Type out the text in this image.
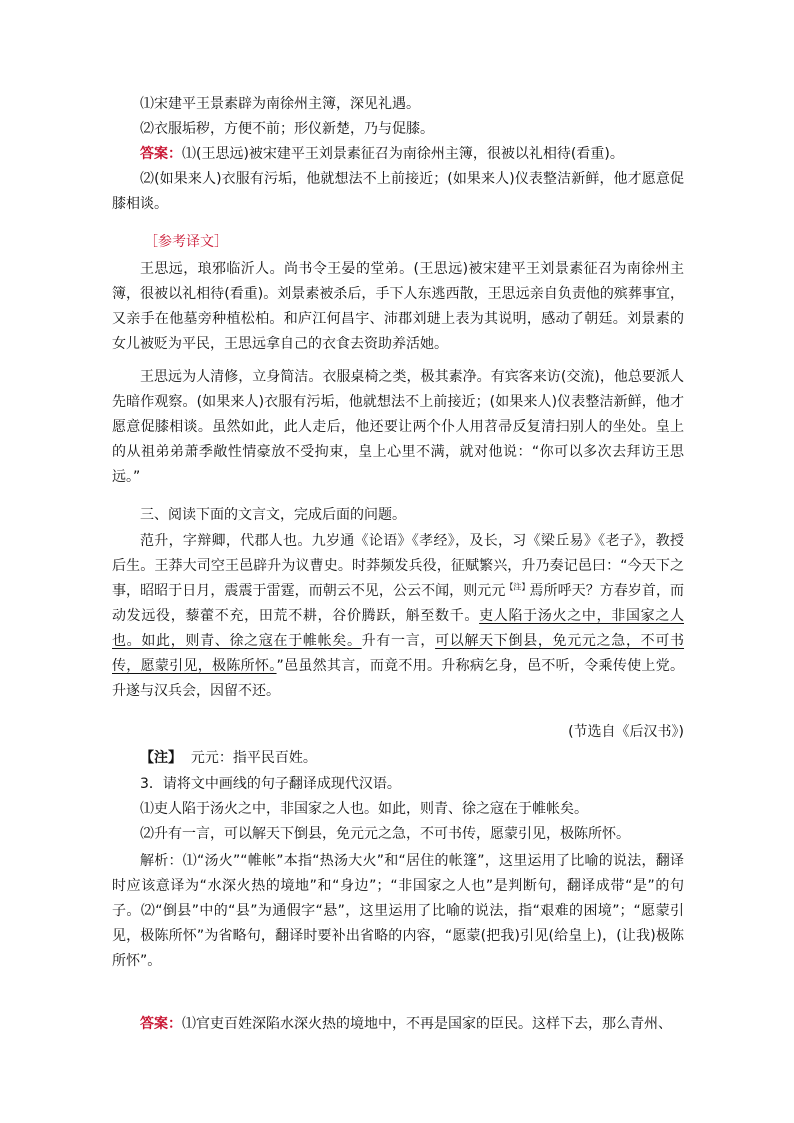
⑴宋建平王景素辟为南徐州主簿，深见礼遇。
⑵衣服垢秽，方便不前；形仪新楚，乃与促膝。
答案：⑴(王思远)被宋建平王刘景素征召为南徐州主簿，很被以礼相待(看重)。
⑵(如果来人)衣服有污垢，他就想法不上前接近；(如果来人)仪表整洁新鲜，他才愿意促膝相谈。
［参考译文］
王思远，琅邪临沂人。尚书令王晏的堂弟。(王思远)被宋建平王刘景素征召为南徐州主簿，很被以礼相待(看重)。刘景素被杀后，手下人东逃西散，王思远亲自负责他的殡葬事宜，又亲手在他墓旁种植松柏。和庐江何昌宇、沛郡刘琎上表为其说明，感动了朝廷。刘景素的女儿被贬为平民，王思远拿自己的衣食去资助养活她。
王思远为人清修，立身简洁。衣服桌椅之类，极其素净。有宾客来访(交流)，他总要派人先暗作观察。(如果来人)衣服有污垢，他就想法不上前接近；(如果来人)仪表整洁新鲜，他才愿意促膝相谈。虽然如此，此人走后，他还要让两个仆人用苕帚反复清扫别人的坐处。皇上的从祖弟弟萧季敞性情豪放不受拘束，皇上心里不满，就对他说：“你可以多次去拜访王思远。”
三、阅读下面的文言文，完成后面的问题。
范升，字辩卿，代郡人也。九岁通《论语》《孝经》，及长，习《梁丘易》《老子》，教授后生。王莽大司空王邑辟升为议曹史。时莽频发兵役，征赋繁兴，升乃奏记邑曰：“今天下之事，昭昭于日月，震震于雷霆，而朝云不见，公云不闻，则元元$^{【注】}$焉所呼天？方春岁首，而动发远役，藜藿不充，田荒不耕，谷价腾跃，斛至数千。吏人陷于汤火之中，非国家之人也。如此，则青、徐之寇在于帷帐矣。升有一言，可以解天下倒县，免元元之急，不可书传，愿蒙引见，极陈所怀。”邑虽然其言，而竟不用。升称病乞身，邑不听，令乘传使上党。升遂与汉兵会，因留不还。
(节选自《后汉书》)
【注】 元元：指平民百姓。
3．请将文中画线的句子翻译成现代汉语。
⑴吏人陷于汤火之中，非国家之人也。如此，则青、徐之寇在于帷帐矣。
⑵升有一言，可以解天下倒县，免元元之急，不可书传，愿蒙引见，极陈所怀。
解析：⑴“汤火”“帷帐”本指“热汤大火”和“居住的帐篷”，这里运用了比喻的说法，翻译时应该意译为“水深火热的境地”和“身边”；“非国家之人也”是判断句，翻译成带“是”的句子。⑵“倒县”中的“县”为通假字“悬”，这里运用了比喻的说法，指“艰难的困境”；“愿蒙引见，极陈所怀”为省略句，翻译时要补出省略的内容，“愿蒙(把我)引见(给皇上)，(让我)极陈所怀”。
答案：⑴官吏百姓深陷水深火热的境地中，不再是国家的臣民。这样下去，那么青州、
